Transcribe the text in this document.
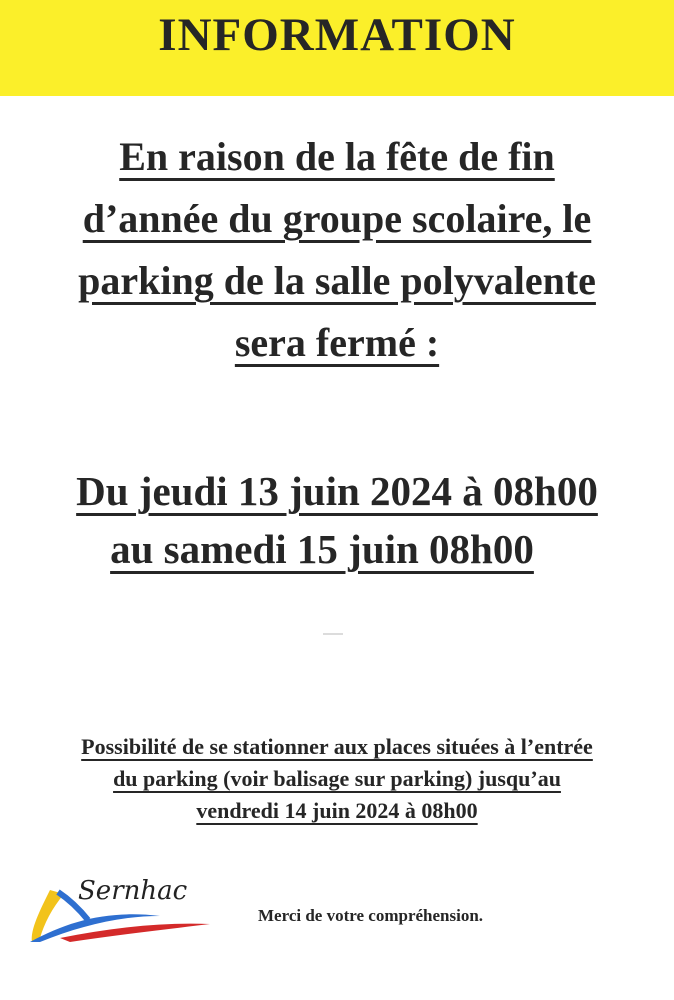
INFORMATION
En raison de la fête de fin
d’année du groupe scolaire, le
parking de la salle polyvalente
sera fermé :
Du jeudi 13 juin 2024 à 08h00
au samedi 15 juin 08h00
Possibilité de se stationner aux places situées à l’entrée
du parking (voir balisage sur parking) jusqu’au
vendredi 14 juin 2024 à 08h00
Sernhac
Merci de votre compréhension.
